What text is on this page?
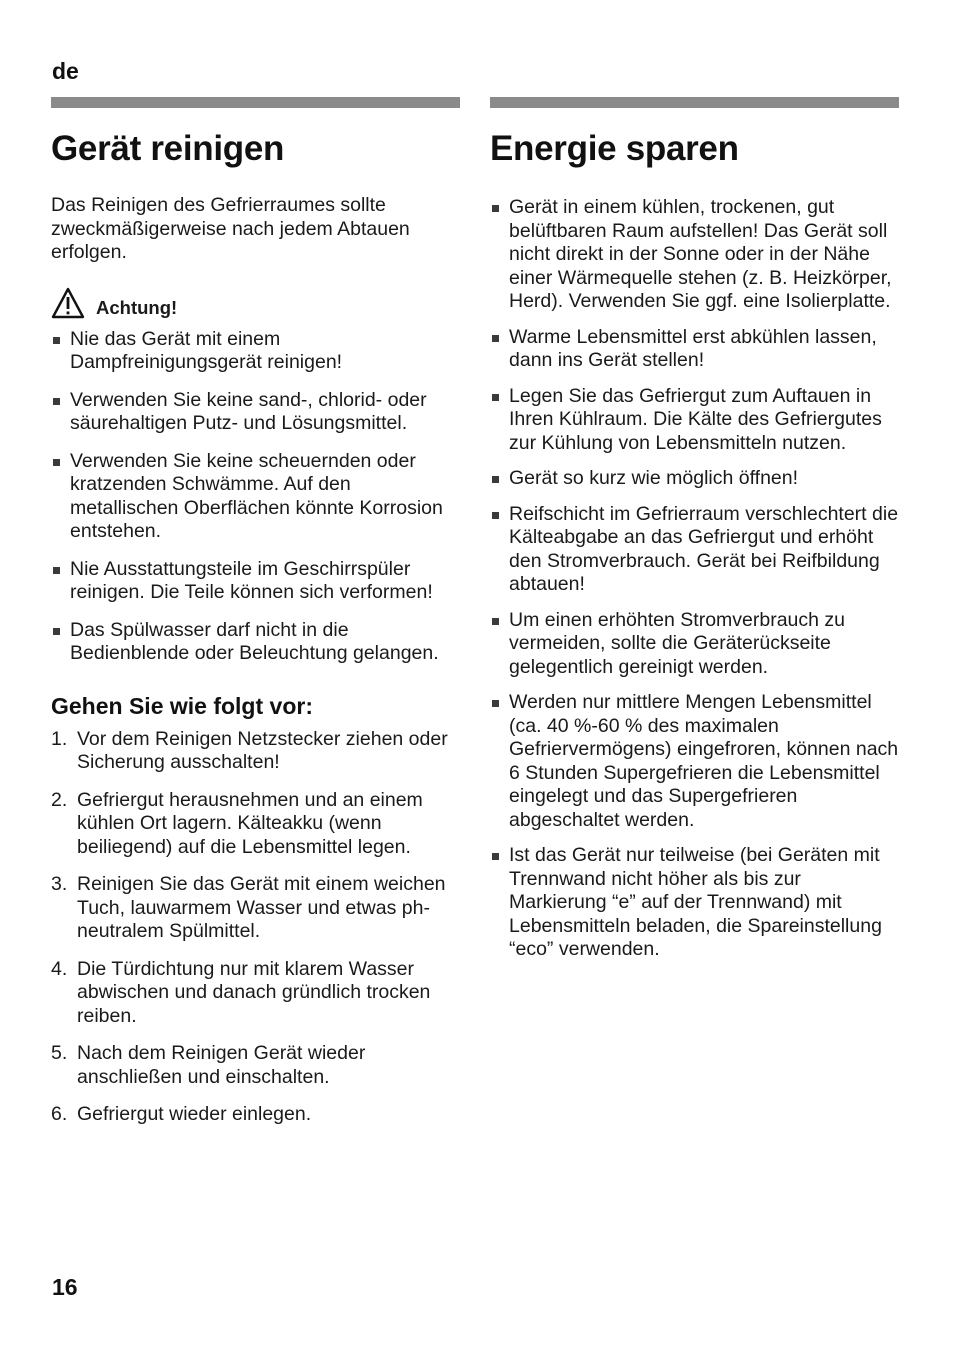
de
Gerät reinigen
Das Reinigen des Gefrierraumes sollte zweckmäßigerweise nach jedem Abtauen erfolgen.
Achtung!
Nie das Gerät mit einem Dampfreinigungsgerät reinigen!
Verwenden Sie keine sand-, chlorid- oder säurehaltigen Putz- und Lösungsmittel.
Verwenden Sie keine scheuernden oder kratzenden Schwämme. Auf den metallischen Oberflächen könnte Korrosion entstehen.
Nie Ausstattungsteile im Geschirrspüler reinigen. Die Teile können sich verformen!
Das Spülwasser darf nicht in die Bedienblende oder Beleuchtung gelangen.
Gehen Sie wie folgt vor:
1. Vor dem Reinigen Netzstecker ziehen oder Sicherung ausschalten!
2. Gefriergut herausnehmen und an einem kühlen Ort lagern. Kälteakku (wenn beiliegend) auf die Lebensmittel legen.
3. Reinigen Sie das Gerät mit einem weichen Tuch, lauwarmem Wasser und etwas ph-neutralem Spülmittel.
4. Die Türdichtung nur mit klarem Wasser abwischen und danach gründlich trocken reiben.
5. Nach dem Reinigen Gerät wieder anschließen und einschalten.
6. Gefriergut wieder einlegen.
Energie sparen
Gerät in einem kühlen, trockenen, gut belüftbaren Raum aufstellen! Das Gerät soll nicht direkt in der Sonne oder in der Nähe einer Wärmequelle stehen (z. B. Heizkörper, Herd). Verwenden Sie ggf. eine Isolierplatte.
Warme Lebensmittel erst abkühlen lassen, dann ins Gerät stellen!
Legen Sie das Gefriergut zum Auftauen in Ihren Kühlraum. Die Kälte des Gefriergutes zur Kühlung von Lebensmitteln nutzen.
Gerät so kurz wie möglich öffnen!
Reifschicht im Gefrierraum verschlechtert die Kälteabgabe an das Gefriergut und erhöht den Stromverbrauch. Gerät bei Reifbildung abtauen!
Um einen erhöhten Stromverbrauch zu vermeiden, sollte die Geräterückseite gelegentlich gereinigt werden.
Werden nur mittlere Mengen Lebensmittel (ca. 40 %-60 % des maximalen Gefriervermögens) eingefroren, können nach 6 Stunden Supergefrieren die Lebensmittel eingelegt und das Supergefrieren abgeschaltet werden.
Ist das Gerät nur teilweise (bei Geräten mit Trennwand nicht höher als bis zur Markierung “e” auf der Trennwand) mit Lebensmitteln beladen, die Spareinstellung “eco” verwenden.
16
